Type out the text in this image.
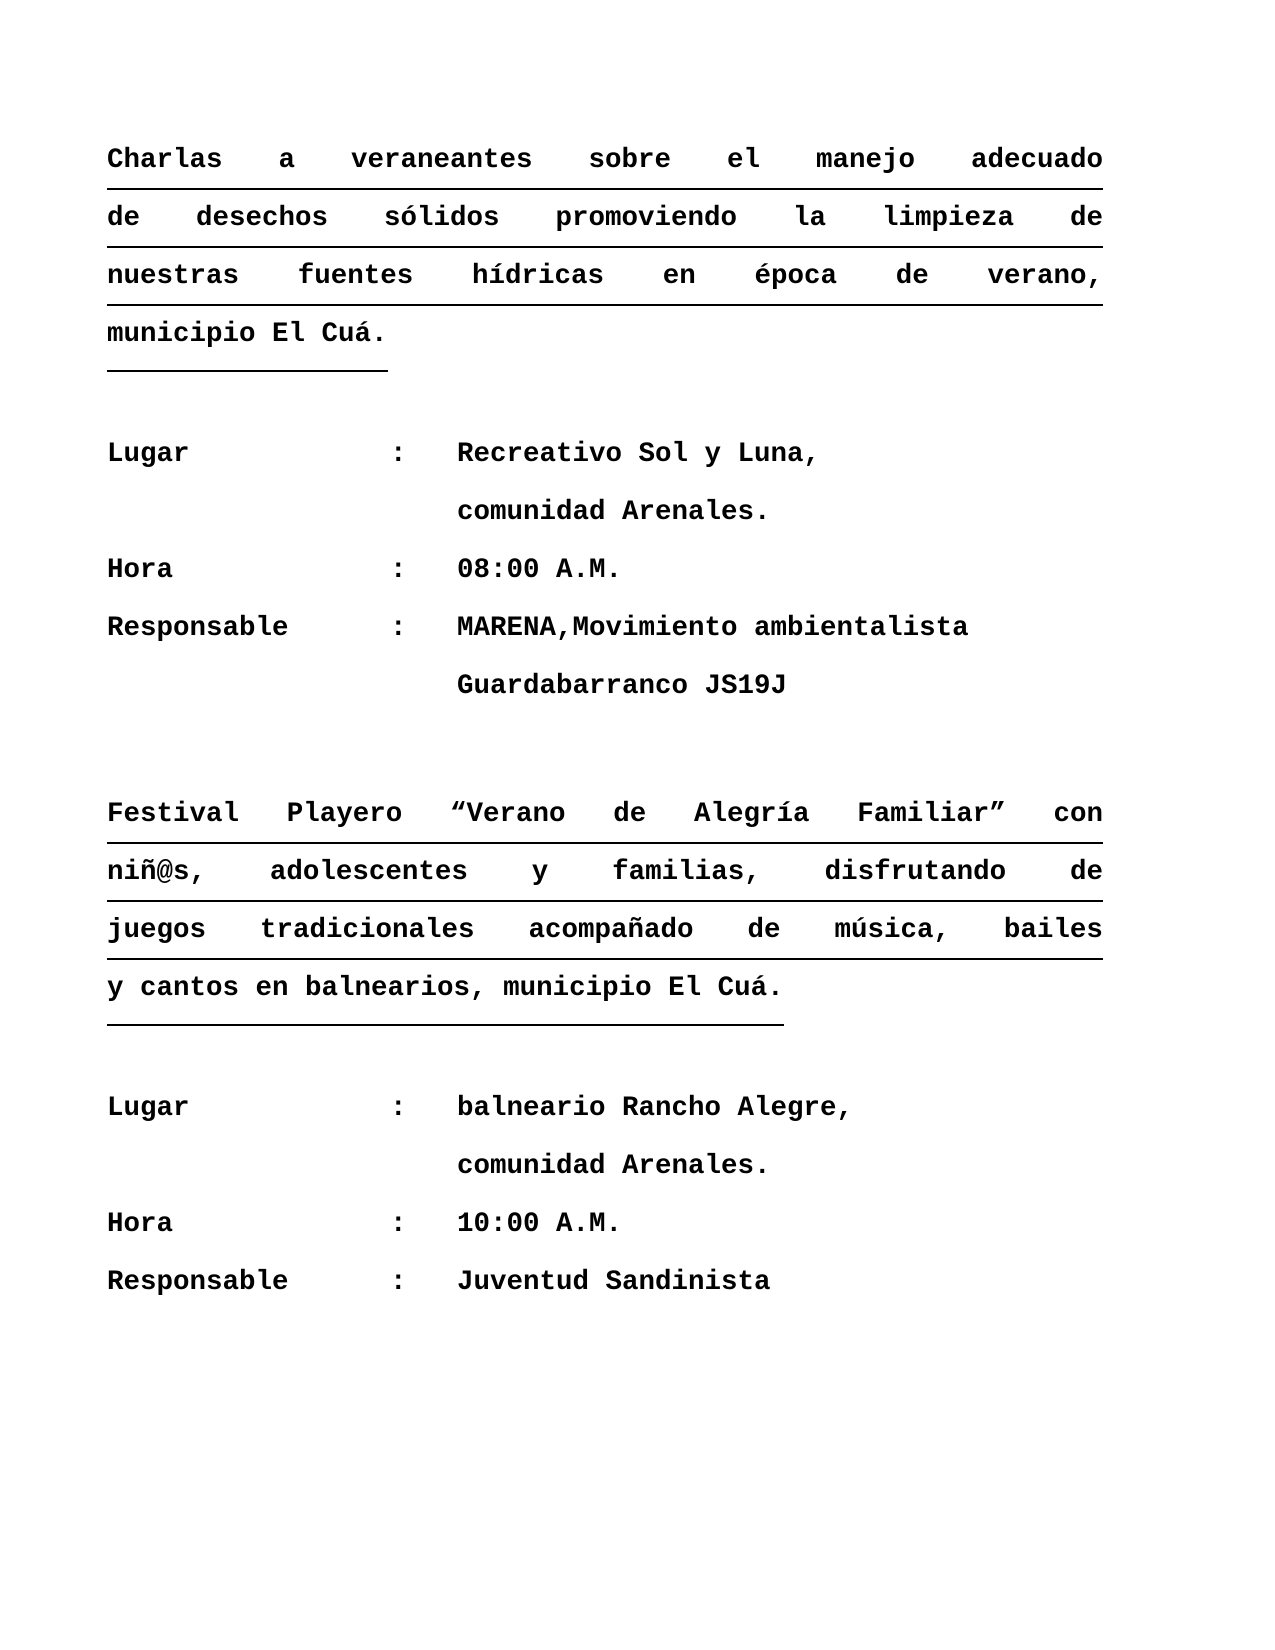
Charlas a veraneantes sobre el manejo adecuado
de desechos sólidos promoviendo la limpieza de
nuestras fuentes hídricas en época de verano,
municipio El Cuá.
Lugar	: Recreativo Sol y Luna,
comunidad Arenales.
Hora	: 08:00 A.M.
Responsable	: MARENA,Movimiento ambientalista
Guardabarranco JS19J
Festival Playero “Verano de Alegría Familiar” con
niñ@s, adolescentes y familias, disfrutando de
juegos tradicionales acompañado de música, bailes
y cantos en balnearios, municipio El Cuá.
Lugar	: balneario Rancho Alegre,
comunidad Arenales.
Hora	: 10:00 A.M.
Responsable	: Juventud Sandinista
